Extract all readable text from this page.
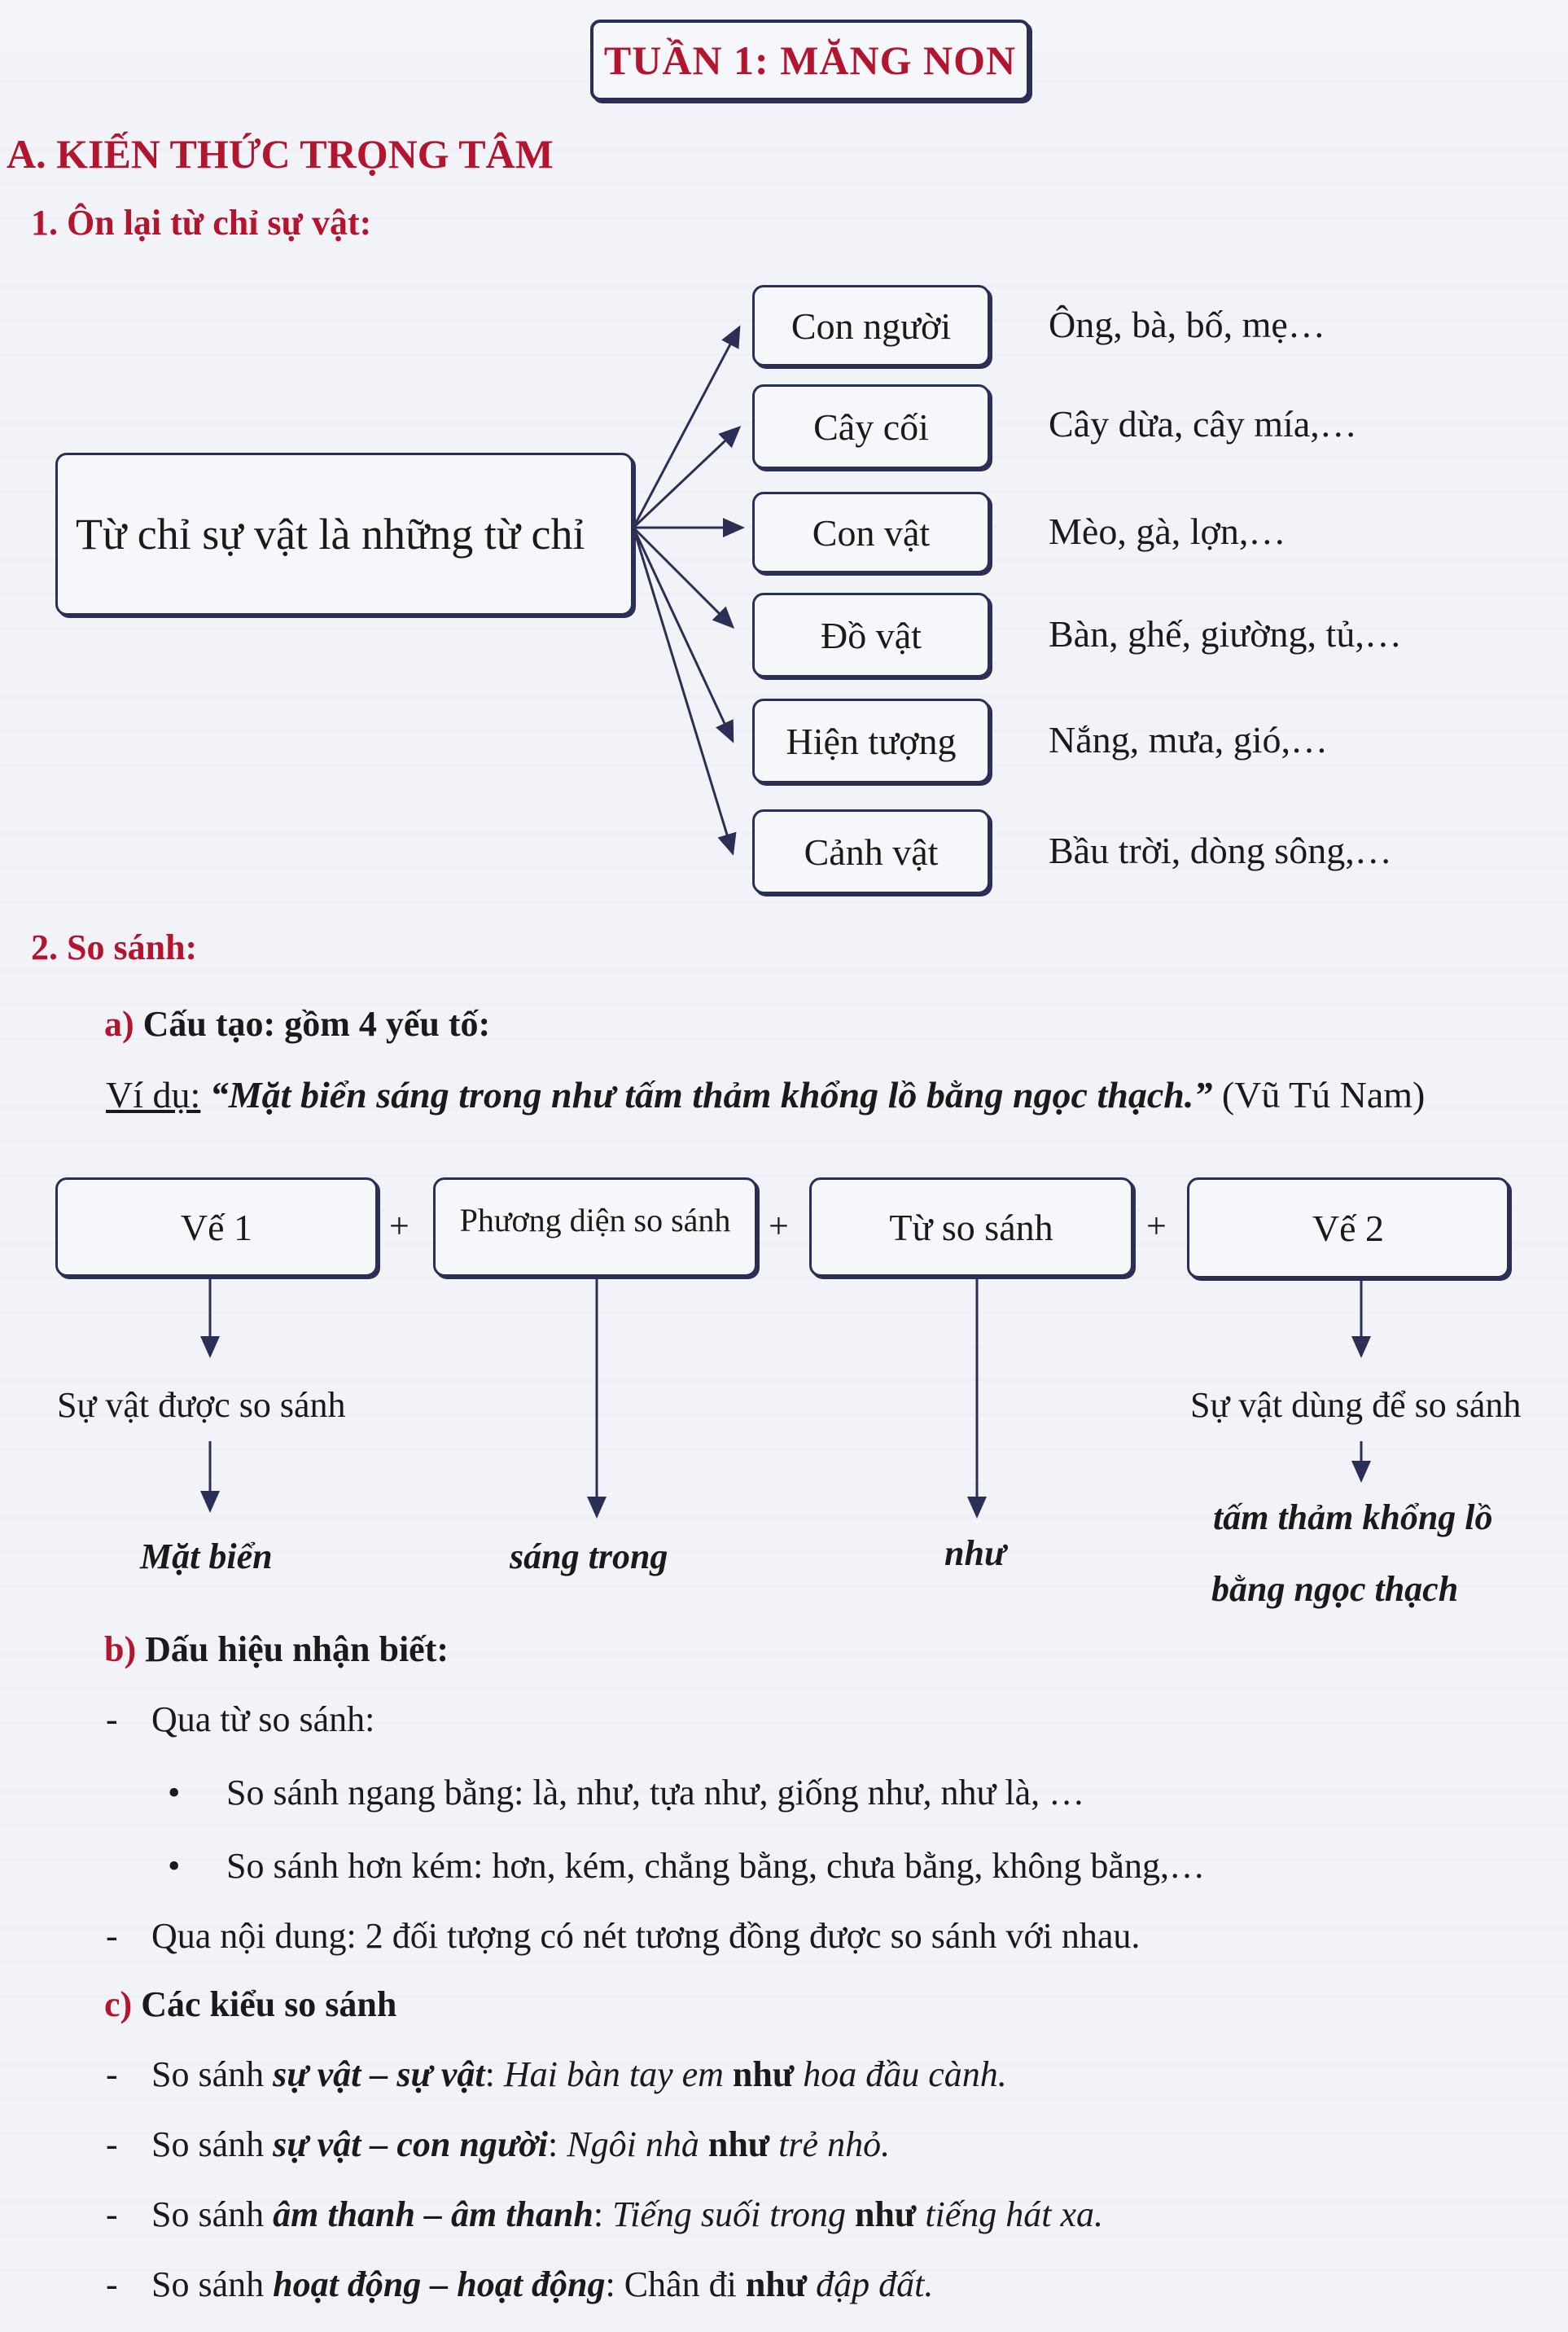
TUẦN 1: MĂNG NON
A. KIẾN THỨC TRỌNG TÂM
1. Ôn lại từ chỉ sự vật:
Từ chỉ sự vật là những từ chỉ
Con người
Cây cối
Con vật
Đồ vật
Hiện tượng
Cảnh vật
Ông, bà, bố, mẹ…
Cây dừa, cây mía,…
Mèo, gà, lợn,…
Bàn, ghế, giường, tủ,…
Nắng, mưa, gió,…
Bầu trời, dòng sông,…
2. So sánh:
a) Cấu tạo: gồm 4 yếu tố:
Ví dụ: “Mặt biển sáng trong như tấm thảm khổng lồ bằng ngọc thạch.” (Vũ Tú Nam)
Vế 1	+	Phương diện so sánh	+	Từ so sánh	+	Vế 2
Sự vật được so sánh	Sự vật dùng để so sánh
Mặt biển	sáng trong	như
tấm thảm khổng lồ
bằng ngọc thạch
b) Dấu hiệu nhận biết:
- Qua từ so sánh:
• So sánh ngang bằng: là, như, tựa như, giống như, như là, …
• So sánh hơn kém: hơn, kém, chẳng bằng, chưa bằng, không bằng,…
- Qua nội dung: 2 đối tượng có nét tương đồng được so sánh với nhau.
c) Các kiểu so sánh
- So sánh sự vật – sự vật: Hai bàn tay em như hoa đầu cành.
- So sánh sự vật – con người: Ngôi nhà như trẻ nhỏ.
- So sánh âm thanh – âm thanh: Tiếng suối trong như tiếng hát xa.
- So sánh hoạt động – hoạt động: Chân đi như đập đất.
